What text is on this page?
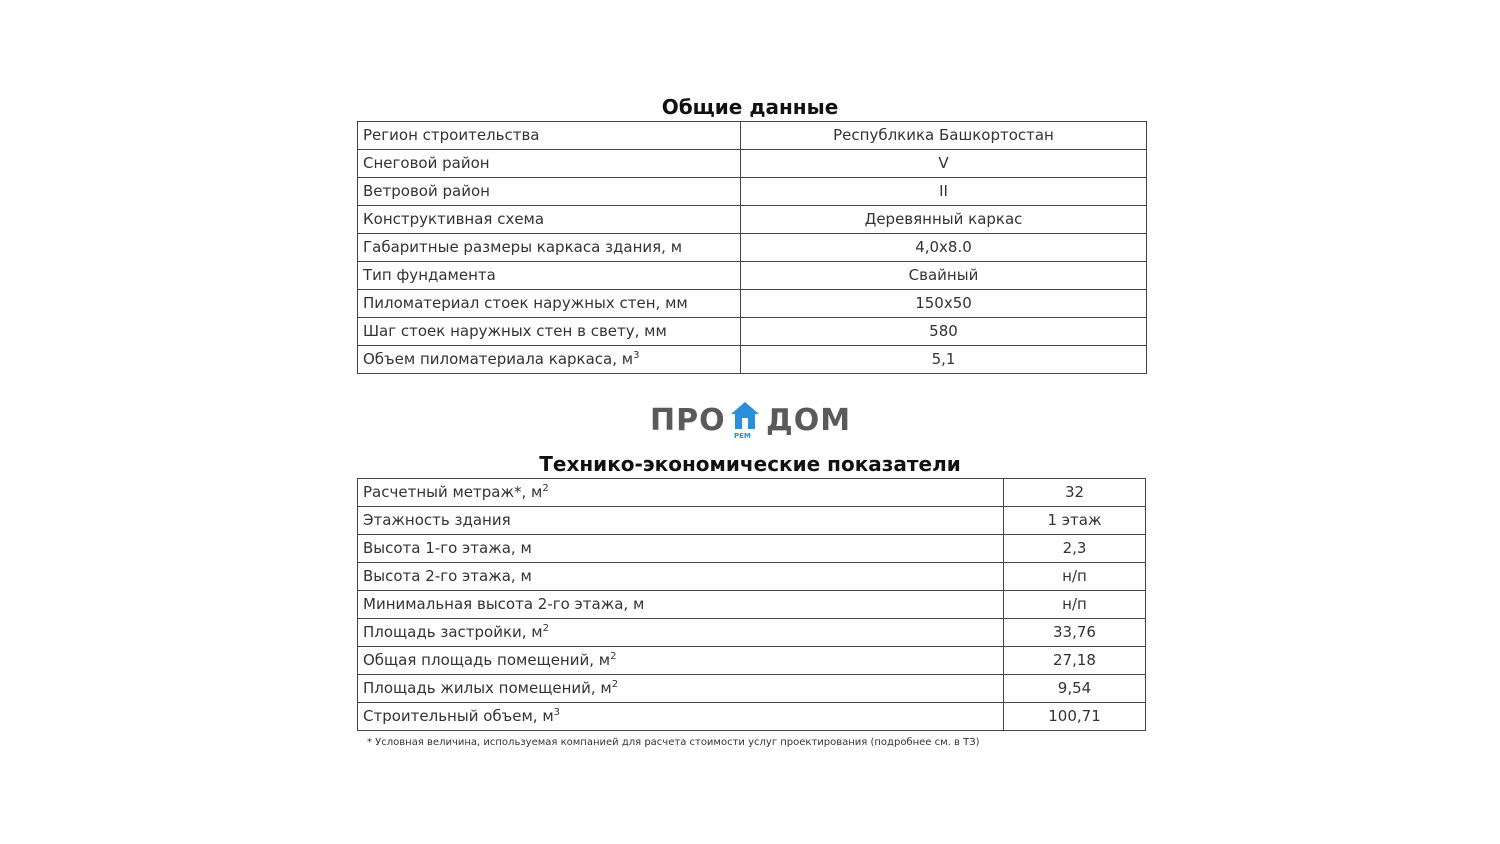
Общие данные
Регион строительства	Республкика Башкортостан
Снеговой район	V
Ветровой район	II
Конструктивная схема	Деревянный каркас
Габаритные размеры каркаса здания, м	4,0x8.0
Тип фундамента	Свайный
Пиломатериал стоек наружных стен, мм	150x50
Шаг стоек наружных стен в свету, мм	580
Объем пиломатериала каркаса, $м^3$	5,1
ПРО РЕМ ДОМ
Технико-экономические показатели
Расчетный метраж*, $м^2$	32
Этажность здания	1 этаж
Высота 1-го этажа, м	2,3
Высота 2-го этажа, м	н/п
Минимальная высота 2-го этажа, м	н/п
Площадь застройки, $м^2$	33,76
Общая площадь помещений, $м^2$	27,18
Площадь жилых помещений, $м^2$	9,54
Строительный объем, $м^3$	100,71
* Условная величина, используемая компанией для расчета стоимости услуг проектирования (подробнее см. в ТЗ)
